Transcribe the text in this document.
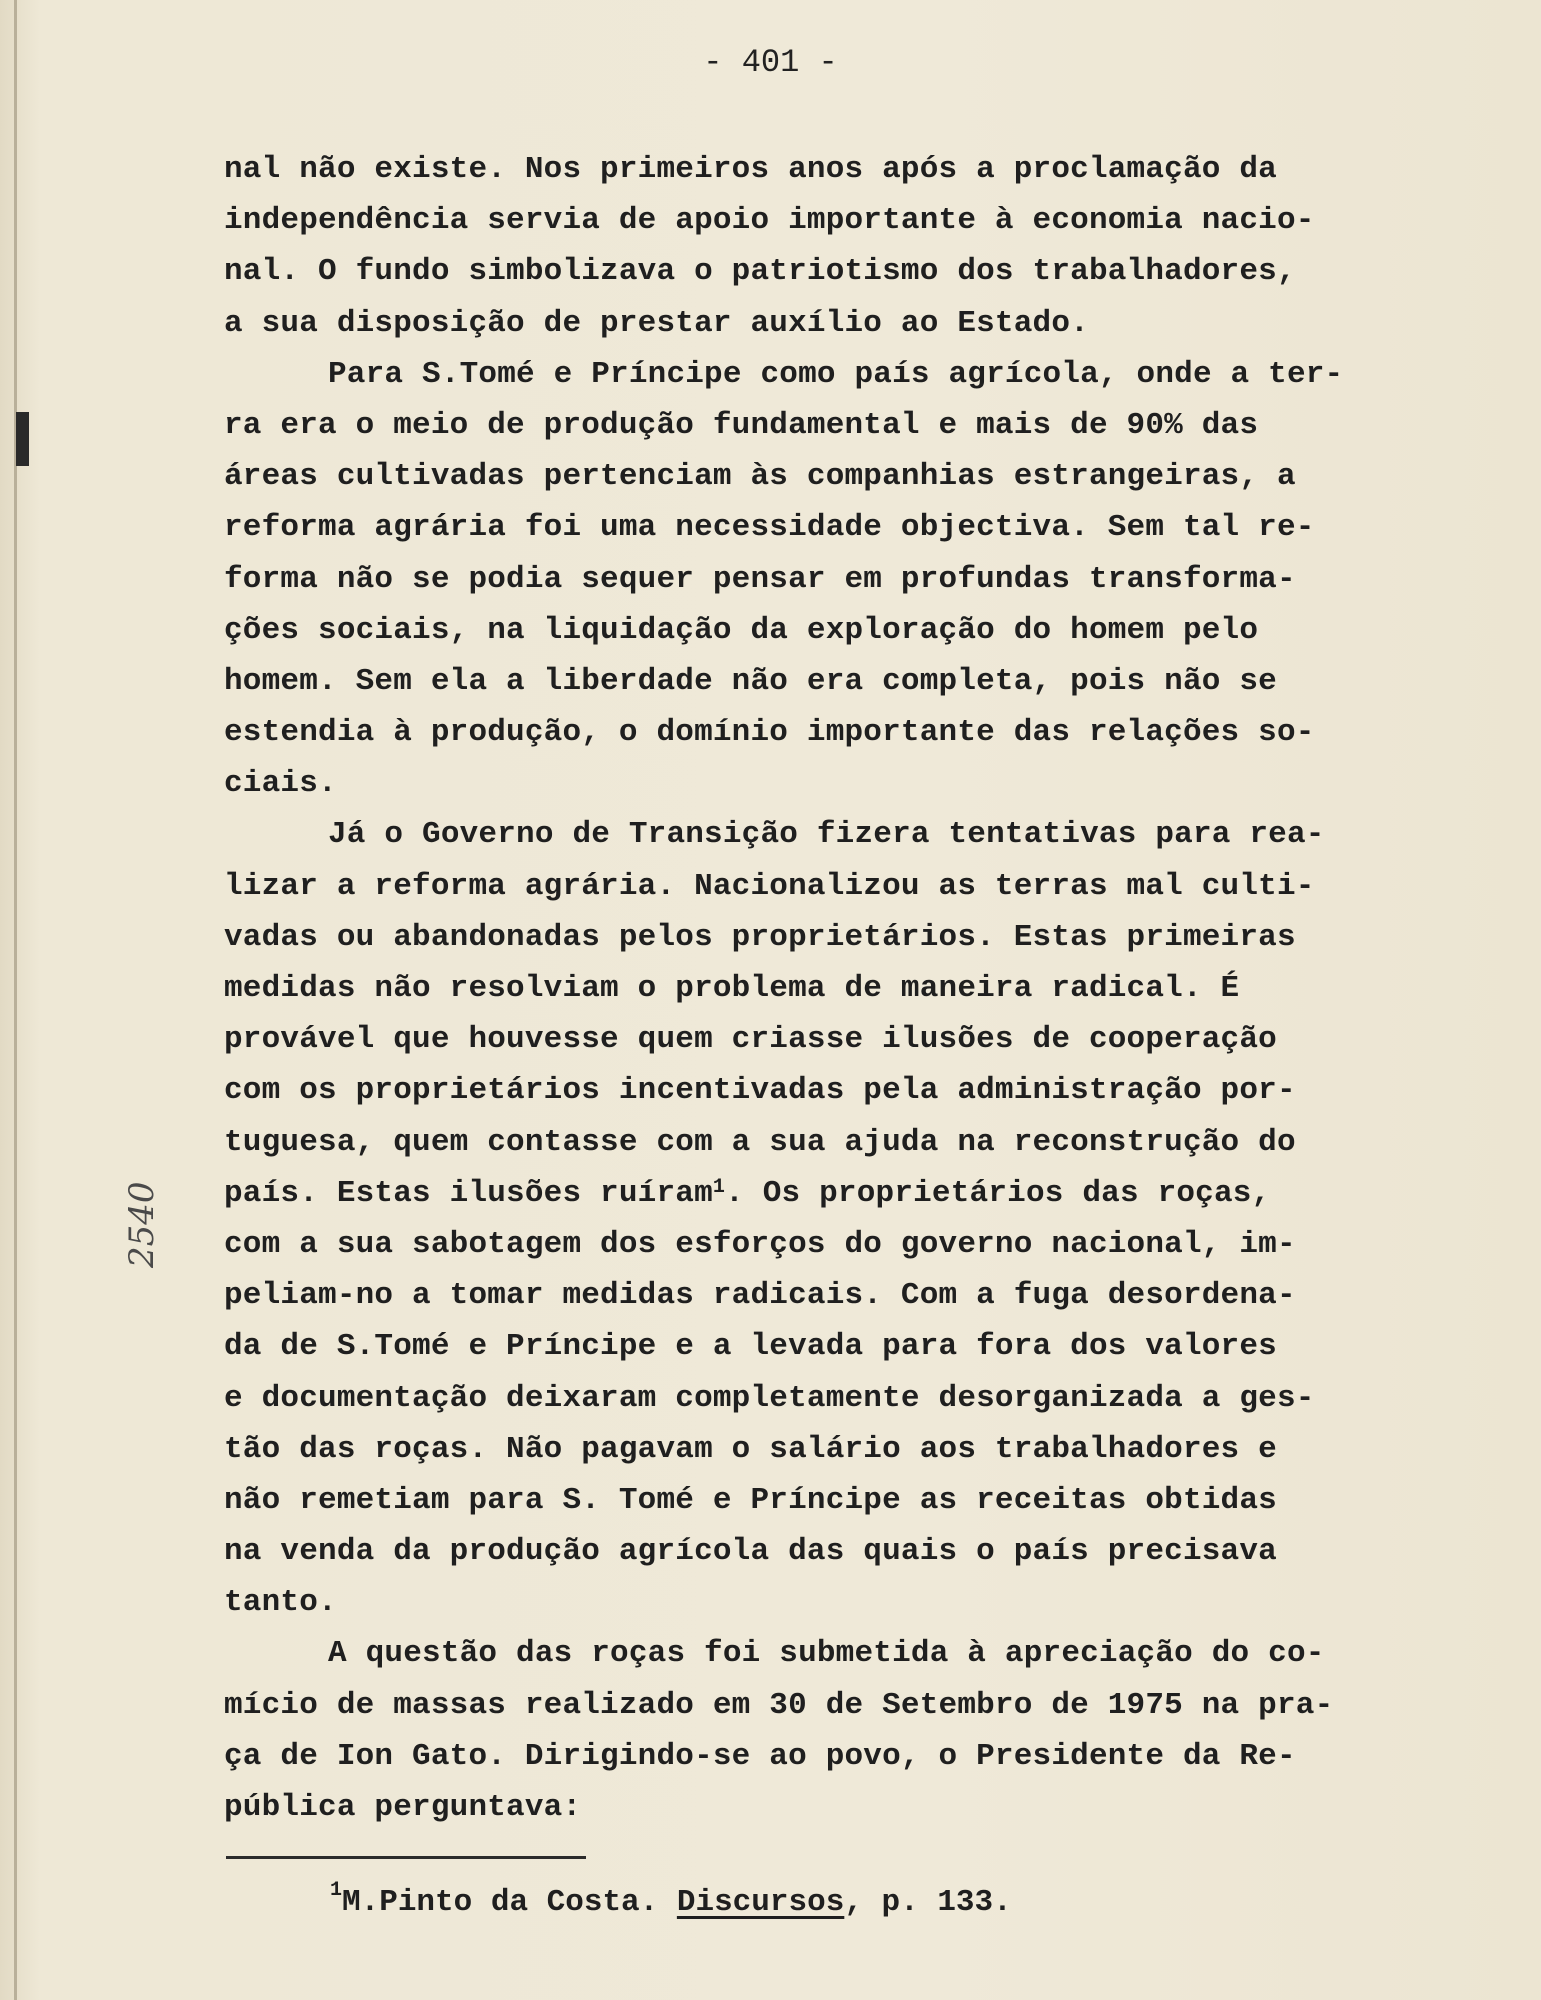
- 401 -
nal não existe. Nos primeiros anos após a proclamação da
independência servia de apoio importante à economia nacio-
nal. O fundo simbolizava o patriotismo dos trabalhadores,
a sua disposição de prestar auxílio ao Estado.
Para S.Tomé e Príncipe como país agrícola, onde a ter-
ra era o meio de produção fundamental e mais de 90% das
áreas cultivadas pertenciam às companhias estrangeiras, a
reforma agrária foi uma necessidade objectiva. Sem tal re-
forma não se podia sequer pensar em profundas transforma-
ções sociais, na liquidação da exploração do homem pelo
homem. Sem ela a liberdade não era completa, pois não se
estendia à produção, o domínio importante das relações so-
ciais.
Já o Governo de Transição fizera tentativas para rea-
lizar a reforma agrária. Nacionalizou as terras mal culti-
vadas ou abandonadas pelos proprietários. Estas primeiras
medidas não resolviam o problema de maneira radical. É
provável que houvesse quem criasse ilusões de cooperação
com os proprietários incentivadas pela administração por-
tuguesa, quem contasse com a sua ajuda na reconstrução do
país. Estas ilusões ruíram$^1$. Os proprietários das roças,
com a sua sabotagem dos esforços do governo nacional, im-
peliam-no a tomar medidas radicais. Com a fuga desordena-
da de S.Tomé e Príncipe e a levada para fora dos valores
e documentação deixaram completamente desorganizada a ges-
tão das roças. Não pagavam o salário aos trabalhadores e
não remetiam para S. Tomé e Príncipe as receitas obtidas
na venda da produção agrícola das quais o país precisava
tanto.
A questão das roças foi submetida à apreciação do co-
mício de massas realizado em 30 de Setembro de 1975 na pra-
ça de Ion Gato. Dirigindo-se ao povo, o Presidente da Re-
pública perguntava:
$^1$M.Pinto da Costa. Discursos, p. 133.
2540
